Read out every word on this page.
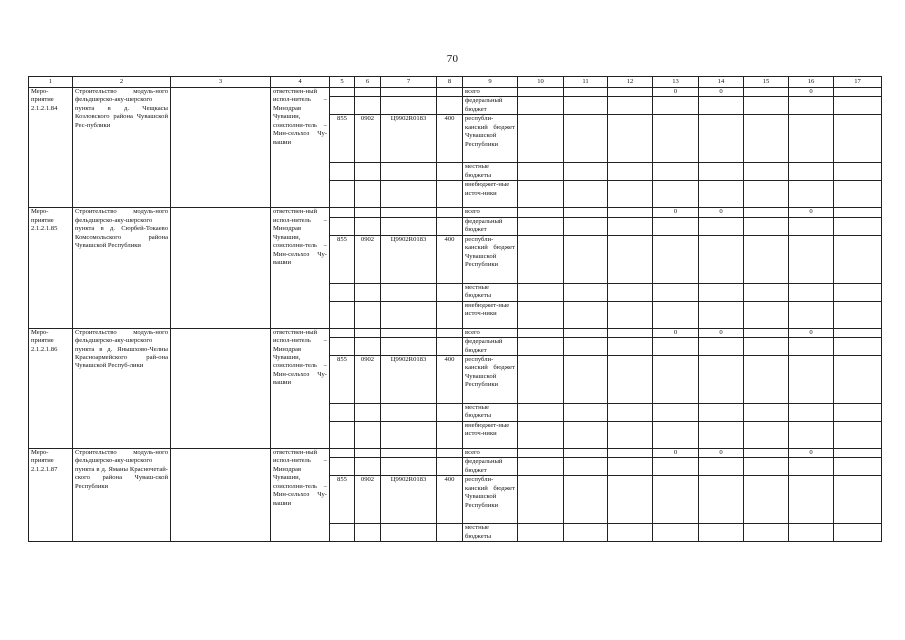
70
1	2	3	4	5	6	7	8	9	10	11	12	13	14	15	16	17
Меро-приятие 2.1.2.1.84	Строительство модуль-ного фельдшерско-аку-шерского пункта в д. Чещкасы Козловского района Чувашской Рес-публики		ответствен-ный испол-нитель – Минздрав Чувашии, соисполни-тель – Мин-сельхоз Чу-вашии					всего				0	0		0	
								федеральный бюджет								
				855	0902	Ц9902R0183	400	республи-канский бюджет Чувашской Республики								
								местные бюджеты								
								внебюджет-ные источ-ники								
Меро-приятие 2.1.2.1.85	Строительство модуль-ного фельдшерско-аку-шерского пункта в д. Сюрбей-Токаево Комсомольского района Чувашской Республики		ответствен-ный испол-нитель – Минздрав Чувашии, соисполни-тель – Мин-сельхоз Чу-вашии					всего				0	0		0	
								федеральный бюджет								
				855	0902	Ц9902R0183	400	республи-канский бюджет Чувашской Республики								
								местные бюджеты								
								внебюджет-ные источ-ники								
Меро-приятие 2.1.2.1.86	Строительство модуль-ного фельдшерско-аку-шерского пункта в д. Янышхово-Челны Красноармейского рай-она Чувашской Респуб-лики		ответствен-ный испол-нитель – Минздрав Чувашии, соисполни-тель – Мин-сельхоз Чу-вашии					всего				0	0		0	
								федеральный бюджет								
				855	0902	Ц9902R0183	400	республи-канский бюджет Чувашской Республики								
								местные бюджеты								
								внебюджет-ные источ-ники								
Меро-приятие 2.1.2.1.87	Строительство модуль-ного фельдшерско-аку-шерского пункта в д. Яманы Красночетай-ского района Чуваш-ской Республики		ответствен-ный испол-нитель – Минздрав Чувашии, соисполни-тель – Мин-сельхоз Чу-вашии					всего				0	0		0	
								федеральный бюджет								
				855	0902	Ц9902R0183	400	республи-канский бюджет Чувашской Республики								
								местные бюджеты								
